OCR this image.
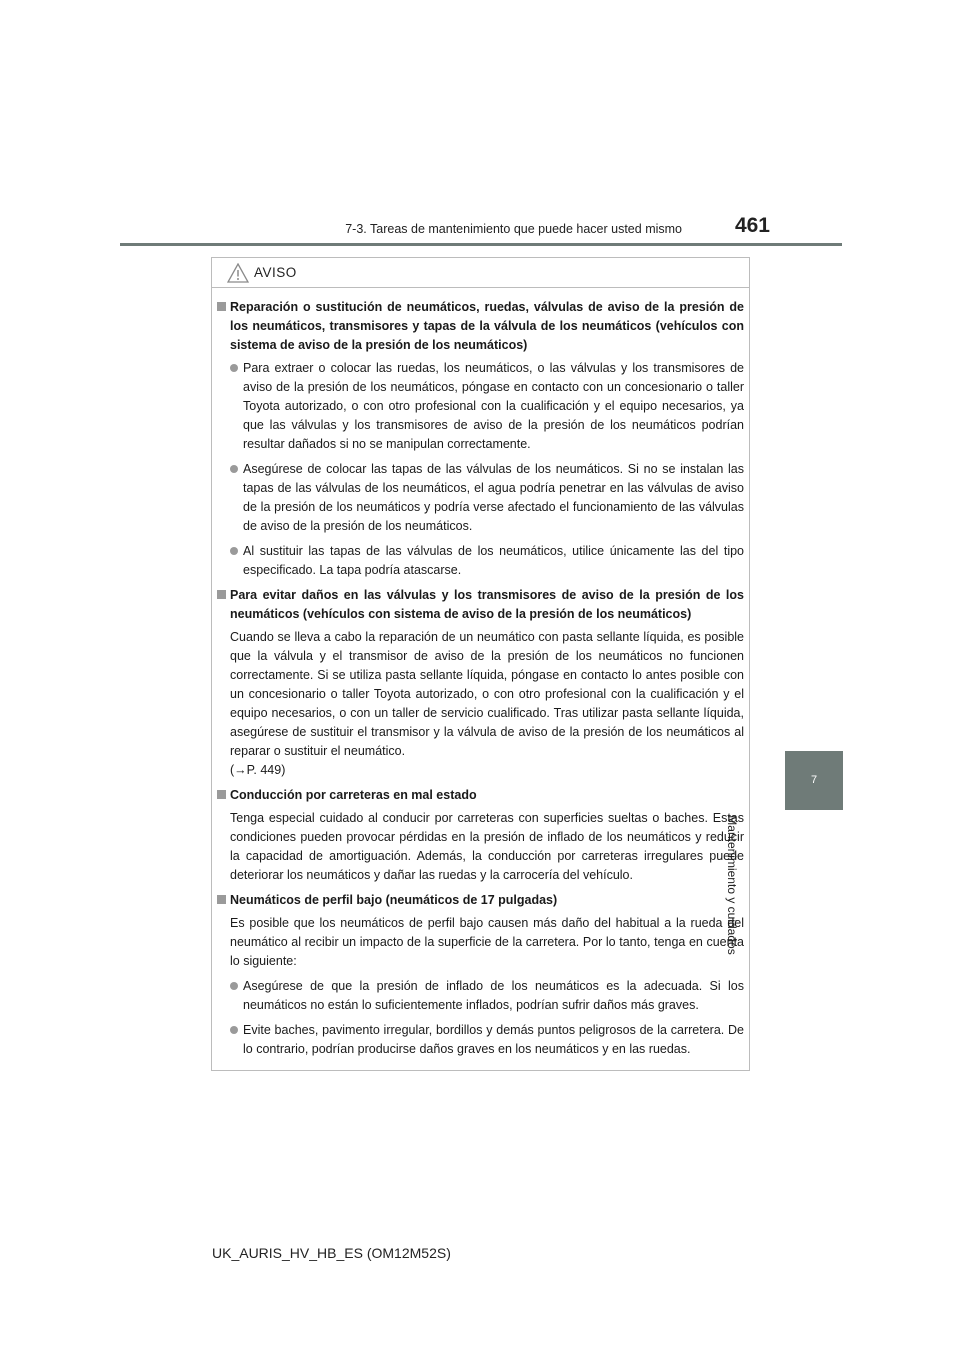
7-3. Tareas de mantenimiento que puede hacer usted mismo	461
7
Mantenimiento y cuidados
AVISO

Reparación o sustitución de neumáticos, ruedas, válvulas de aviso de la presión de los neumáticos, transmisores y tapas de la válvula de los neumáticos (vehículos con sistema de aviso de la presión de los neumáticos)

Para extraer o colocar las ruedas, los neumáticos, o las válvulas y los transmisores de aviso de la presión de los neumáticos, póngase en contacto con un concesionario o taller Toyota autorizado, o con otro profesional con la cualificación y el equipo necesarios, ya que las válvulas y los transmisores de aviso de la presión de los neumáticos podrían resultar dañados si no se manipulan correctamente.

Asegúrese de colocar las tapas de las válvulas de los neumáticos. Si no se instalan las tapas de las válvulas de los neumáticos, el agua podría penetrar en las válvulas de aviso de la presión de los neumáticos y podría verse afectado el funcionamiento de las válvulas de aviso de la presión de los neumáticos.

Al sustituir las tapas de las válvulas de los neumáticos, utilice únicamente las del tipo especificado. La tapa podría atascarse.

Para evitar daños en las válvulas y los transmisores de aviso de la presión de los neumáticos (vehículos con sistema de aviso de la presión de los neumáticos)

Cuando se lleva a cabo la reparación de un neumático con pasta sellante líquida, es posible que la válvula y el transmisor de aviso de la presión de los neumáticos no funcionen correctamente. Si se utiliza pasta sellante líquida, póngase en contacto lo antes posible con un concesionario o taller Toyota autorizado, o con otro profesional con la cualificación y el equipo necesarios, o con un taller de servicio cualificado. Tras utilizar pasta sellante líquida, asegúrese de sustituir el transmisor y la válvula de aviso de la presión de los neumáticos al reparar o sustituir el neumático.

(→P. 449)

Conducción por carreteras en mal estado

Tenga especial cuidado al conducir por carreteras con superficies sueltas o baches. Estas condiciones pueden provocar pérdidas en la presión de inflado de los neumáticos y reducir la capacidad de amortiguación. Además, la conducción por carreteras irregulares puede deteriorar los neumáticos y dañar las ruedas y la carrocería del vehículo.

Neumáticos de perfil bajo (neumáticos de 17 pulgadas)

Es posible que los neumáticos de perfil bajo causen más daño del habitual a la rueda del neumático al recibir un impacto de la superficie de la carretera. Por lo tanto, tenga en cuenta lo siguiente:

Asegúrese de que la presión de inflado de los neumáticos es la adecuada. Si los neumáticos no están lo suficientemente inflados, podrían sufrir daños más graves.

Evite baches, pavimento irregular, bordillos y demás puntos peligrosos de la carretera. De lo contrario, podrían producirse daños graves en los neumáticos y en las ruedas.

UK_AURIS_HV_HB_ES (OM12M52S)
